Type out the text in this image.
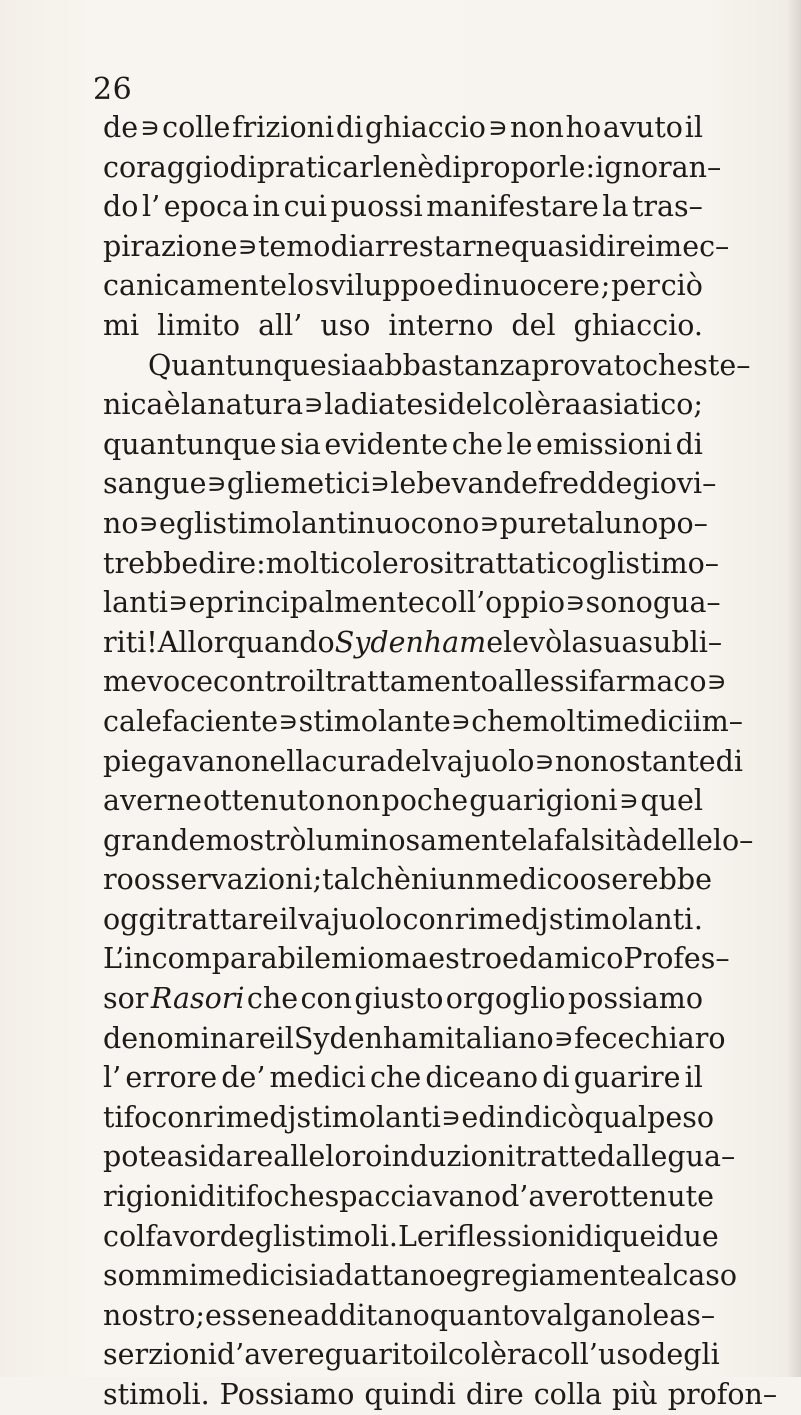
26
de ∍ colle frizioni di ghiaccio ∍ non ho avuto il
coraggio di praticarle nè di proporle : ignoran–
do l’ epoca in cui puossi manifestare la tras–
pirazione ∍ temo di arrestarne quasi direi mec–
canicamente lo sviluppo e di nuocere ; per ciò
mi limito all’ uso interno del ghiaccio.
Quantunque sia abbastanza provato che ste–
nica è la natura ∍ la diatesi del colèra asiatico;
quantunque sia evidente che le emissioni di
sangue ∍ gli emetici ∍ le bevande fredde giovi–
no ∍ e gli stimolanti nuocono ∍ pure taluno po–
trebbe dire : molti colerosi trattati cogli stimo–
lanti ∍ e principalmente coll’ oppio ∍ sono gua–
riti! Allorquando Sydenham elevò la sua subli–
me voce contro il trattamento allessifarmaco ∍
calefaciente ∍ stimolante ∍ che molti medici im–
piegavano nella cura del vajuolo∍ nonostante di
averne ottenuto non poche guarigioni ∍ quel
grande mostrò luminosamente la falsità delle lo–
ro osservazioni ; talchè niun medico oserebbe
oggi trattare il vajuolo con rimedj stimolanti .
L’ incomparabile mio maestro ed amico Profes–
sor Rasori che con giusto orgoglio possiamo
denominare il Sydenham italiano ∍ fece chiaro
l’ errore de’ medici che diceano di guarire il
tifo con rimedj stimolanti ∍ ed indicò qual peso
poteasi dare alle loro induzioni tratte dalle gua–
rigioni di tifo che spacciavano d’ aver ottenute
col favor degli stimoli. Le riflessioni di quei due
sommi medici si adattano egregiamente al caso
nostro ; esse ne additano quanto valgano le as–
serzioni d’ avere guarito il colèra coll’ uso degli
stimoli. Possiamo quindi dire colla più profon–
